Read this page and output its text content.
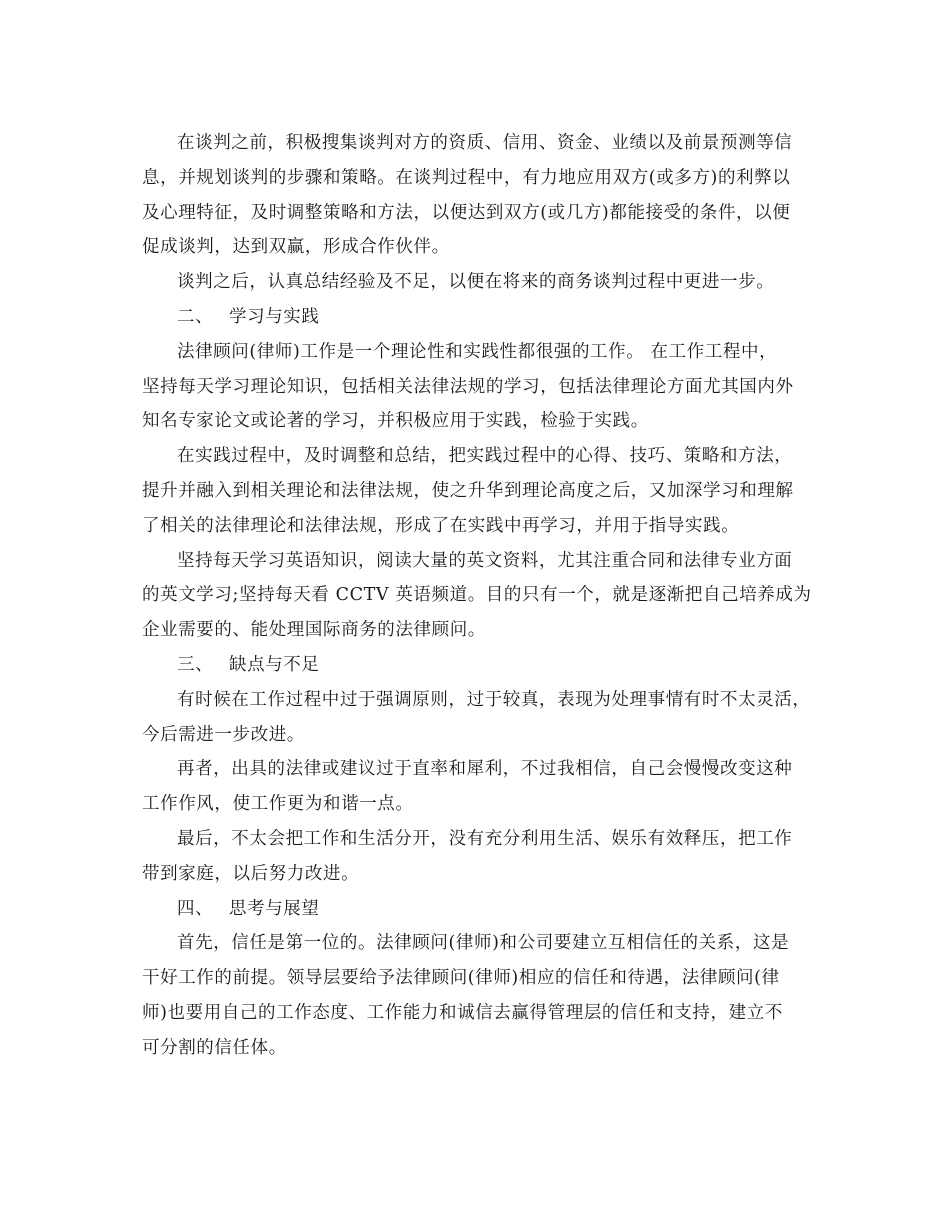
在谈判之前，积极搜集谈判对方的资质、信用、资金、业绩以及前景预测等信
息，并规划谈判的步骤和策略。在谈判过程中，有力地应用双方(或多方)的利弊以
及心理特征，及时调整策略和方法，以便达到双方(或几方)都能接受的条件，以便
促成谈判，达到双赢，形成合作伙伴。

谈判之后，认真总结经验及不足，以便在将来的商务谈判过程中更进一步。

二、 学习与实践

法律顾问(律师)工作是一个理论性和实践性都很强的工作。 在工作工程中，
坚持每天学习理论知识，包括相关法律法规的学习，包括法律理论方面尤其国内外
知名专家论文或论著的学习，并积极应用于实践，检验于实践。

在实践过程中，及时调整和总结，把实践过程中的心得、技巧、策略和方法，
提升并融入到相关理论和法律法规，使之升华到理论高度之后，又加深学习和理解
了相关的法律理论和法律法规，形成了在实践中再学习，并用于指导实践。

坚持每天学习英语知识，阅读大量的英文资料，尤其注重合同和法律专业方面
的英文学习;坚持每天看 CCTV 英语频道。目的只有一个，就是逐渐把自己培养成为
企业需要的、能处理国际商务的法律顾问。

三、 缺点与不足

有时候在工作过程中过于强调原则，过于较真，表现为处理事情有时不太灵活，
今后需进一步改进。

再者，出具的法律或建议过于直率和犀利，不过我相信，自己会慢慢改变这种
工作作风，使工作更为和谐一点。

最后，不太会把工作和生活分开，没有充分利用生活、娱乐有效释压，把工作
带到家庭，以后努力改进。

四、 思考与展望

首先，信任是第一位的。法律顾问(律师)和公司要建立互相信任的关系，这是
干好工作的前提。领导层要给予法律顾问(律师)相应的信任和待遇，法律顾问(律
师)也要用自己的工作态度、工作能力和诚信去赢得管理层的信任和支持，建立不
可分割的信任体。
